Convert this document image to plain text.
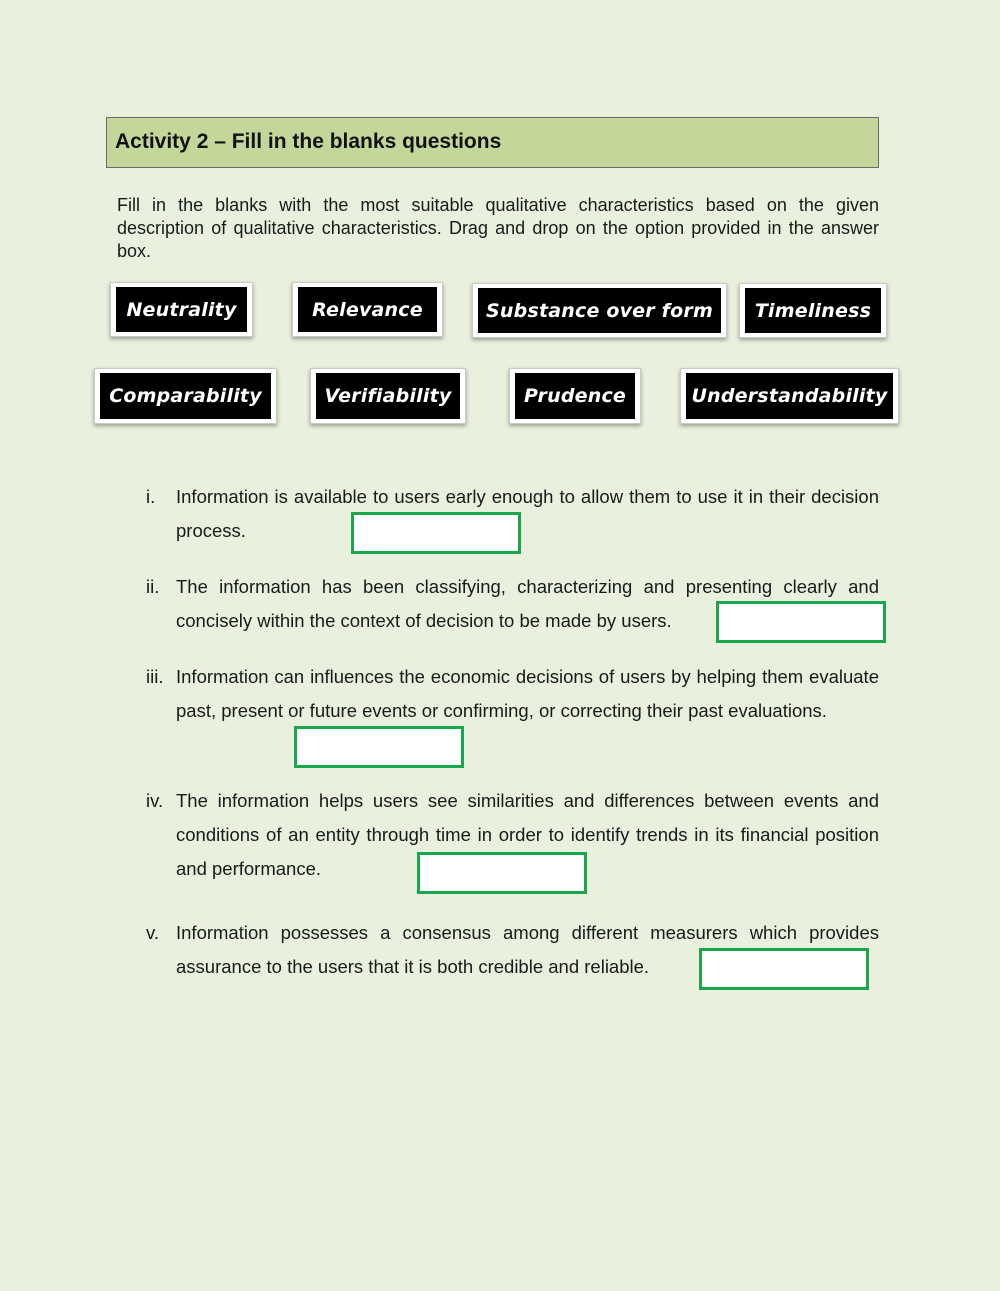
Activity 2 – Fill in the blanks questions
Fill in the blanks with the most suitable qualitative characteristics based on the given description of qualitative characteristics. Drag and drop on the option provided in the answer box.
Neutrality	Relevance	Substance over form	Timeliness
Comparability	Verifiability	Prudence	Understandability
i. Information is available to users early enough to allow them to use it in their decision process.
ii. The information has been classifying, characterizing and presenting clearly and concisely within the context of decision to be made by users.
iii. Information can influences the economic decisions of users by helping them evaluate past, present or future events or confirming, or correcting their past evaluations.
iv. The information helps users see similarities and differences between events and conditions of an entity through time in order to identify trends in its financial position and performance.
v. Information possesses a consensus among different measurers which provides assurance to the users that it is both credible and reliable.
